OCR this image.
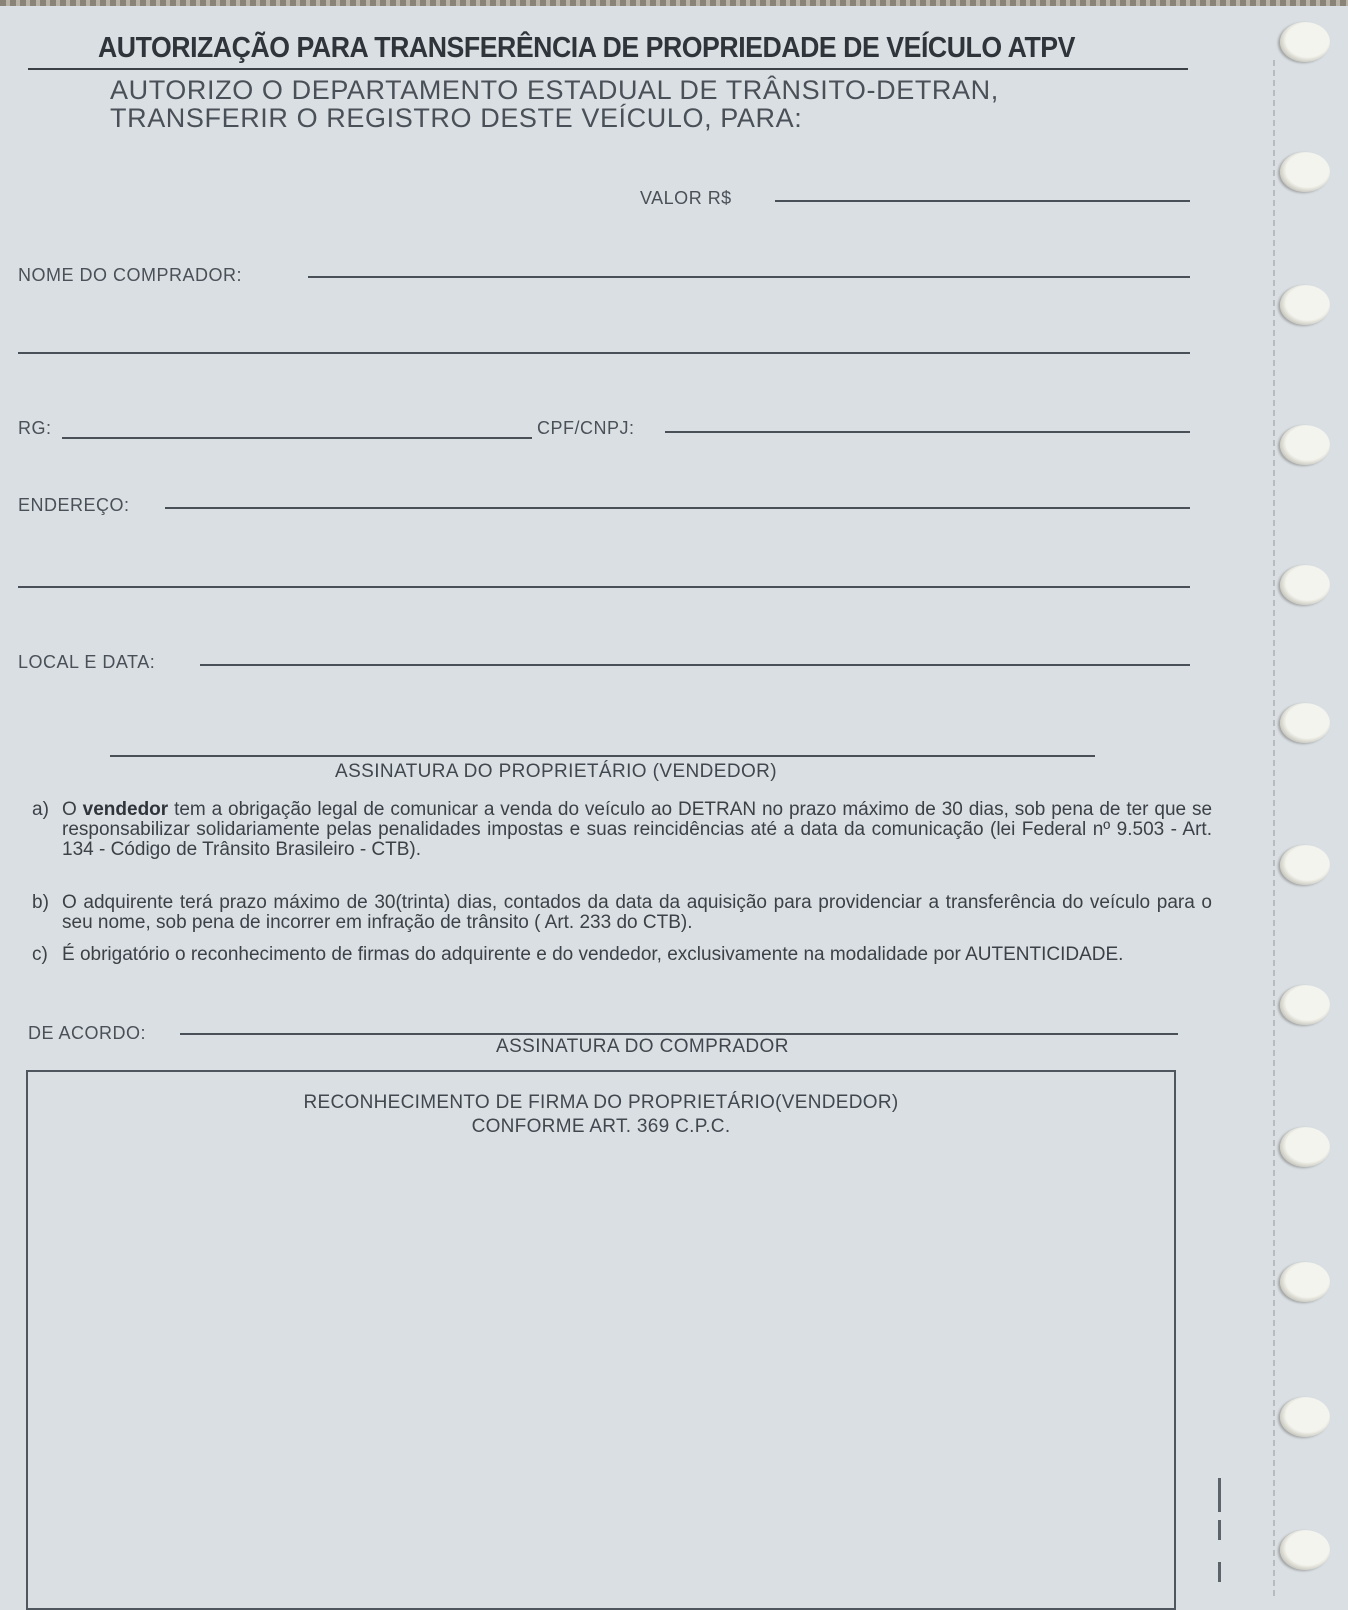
AUTORIZAÇÃO PARA TRANSFERÊNCIA DE PROPRIEDADE DE VEÍCULO ATPV
AUTORIZO O DEPARTAMENTO ESTADUAL DE TRÂNSITO-DETRAN,
TRANSFERIR O REGISTRO DESTE VEÍCULO, PARA:
VALOR R$
NOME DO COMPRADOR:
RG:	CPF/CNPJ:
ENDEREÇO:
LOCAL E DATA:
ASSINATURA DO PROPRIETÁRIO (VENDEDOR)
a) O vendedor tem a obrigação legal de comunicar a venda do veículo ao DETRAN no prazo máximo de 30 dias, sob pena de ter que se responsabilizar solidariamente pelas penalidades impostas e suas reincidências até a data da comunicação (lei Federal nº 9.503 - Art. 134 - Código de Trânsito Brasileiro - CTB).
b) O adquirente terá prazo máximo de 30(trinta) dias, contados da data da aquisição para providenciar a transferência do veículo para o seu nome, sob pena de incorrer em infração de trânsito ( Art. 233 do CTB).
c) É obrigatório o reconhecimento de firmas do adquirente e do vendedor, exclusivamente na modalidade por AUTENTICIDADE.
DE ACORDO:
ASSINATURA DO COMPRADOR
RECONHECIMENTO DE FIRMA DO PROPRIETÁRIO(VENDEDOR)
CONFORME ART. 369 C.P.C.
